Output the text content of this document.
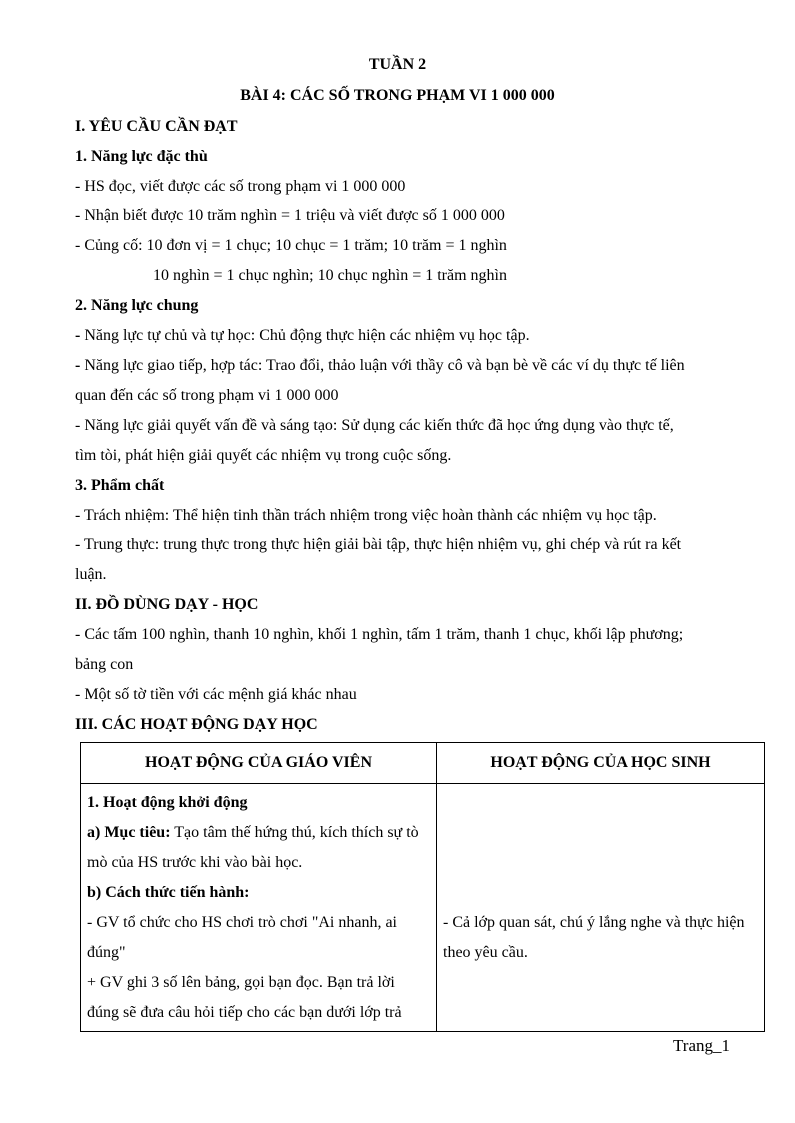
TUẦN 2
BÀI 4: CÁC SỐ TRONG PHẠM VI 1 000 000
I. YÊU CẦU CẦN ĐẠT
1. Năng lực đặc thù
- HS đọc, viết được các số trong phạm vi 1 000 000
- Nhận biết được 10 trăm nghìn = 1 triệu và viết được số 1 000 000
- Củng cố: 10 đơn vị = 1 chục; 10 chục = 1 trăm; 10 trăm = 1 nghìn
10 nghìn = 1 chục nghìn; 10 chục nghìn = 1 trăm nghìn
2. Năng lực chung
- Năng lực tự chủ và tự học: Chủ động thực hiện các nhiệm vụ học tập.
- Năng lực giao tiếp, hợp tác: Trao đổi, thảo luận với thầy cô và bạn bè về các ví dụ thực tế liên
quan đến các số trong phạm vi 1 000 000
- Năng lực giải quyết vấn đề và sáng tạo: Sử dụng các kiến thức đã học ứng dụng vào thực tế,
tìm tòi, phát hiện giải quyết các nhiệm vụ trong cuộc sống.
3. Phẩm chất
- Trách nhiệm: Thể hiện tinh thần trách nhiệm trong việc hoàn thành các nhiệm vụ học tập.
- Trung thực: trung thực trong thực hiện giải bài tập, thực hiện nhiệm vụ, ghi chép và rút ra kết
luận.
II. ĐỒ DÙNG DẠY - HỌC
- Các tấm 100 nghìn, thanh 10 nghìn, khối 1 nghìn, tấm 1 trăm, thanh 1 chục, khối lập phương;
bảng con
- Một số tờ tiền với các mệnh giá khác nhau
III. CÁC HOẠT ĐỘNG DẠY HỌC
HOẠT ĐỘNG CỦA GIÁO VIÊN	HOẠT ĐỘNG CỦA HỌC SINH

1. Hoạt động khởi động

a) Mục tiêu: Tạo tâm thế hứng thú, kích thích sự tò mò của HS trước khi vào bài học.

b) Cách thức tiến hành:

- GV tổ chức cho HS chơi trò chơi "Ai nhanh, ai đúng"

+ GV ghi 3 số lên bảng, gọi bạn đọc. Bạn trả lời đúng sẽ đưa câu hỏi tiếp cho các bạn dưới lớp trả	- Cả lớp quan sát, chú ý lắng nghe và thực hiện theo yêu cầu.

Trang_1
